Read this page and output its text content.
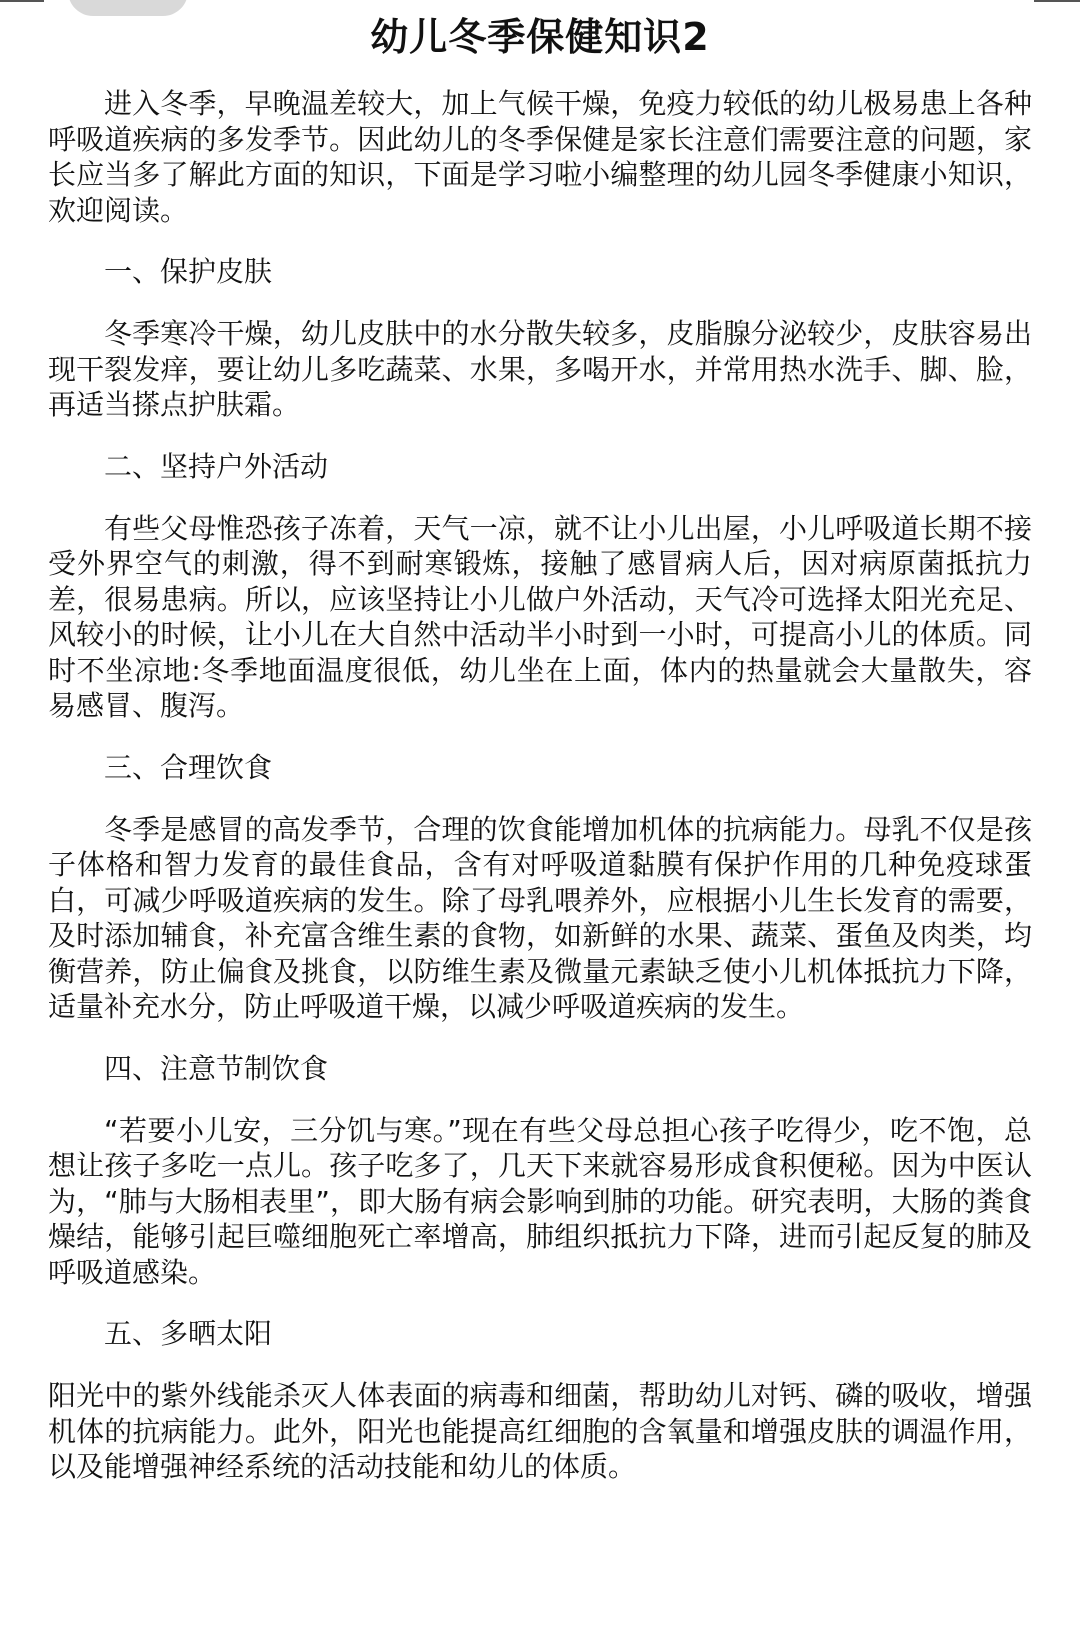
幼儿冬季保健知识2

进入冬季，早晚温差较大，加上气候干燥，免疫力较低的幼儿极易患上各种呼吸道疾病的多发季节。因此幼儿的冬季保健是家长注意们需要注意的问题，家长应当多了解此方面的知识，下面是学习啦小编整理的幼儿园冬季健康小知识，欢迎阅读。

一、保护皮肤

冬季寒冷干燥，幼儿皮肤中的水分散失较多，皮脂腺分泌较少，皮肤容易出现干裂发痒，要让幼儿多吃蔬菜、水果，多喝开水，并常用热水洗手、脚、脸，再适当搽点护肤霜。

二、坚持户外活动

有些父母惟恐孩子冻着，天气一凉，就不让小儿出屋，小儿呼吸道长期不接受外界空气的刺激，得不到耐寒锻炼，接触了感冒病人后，因对病原菌抵抗力差，很易患病。所以，应该坚持让小儿做户外活动，天气冷可选择太阳光充足、风较小的时候，让小儿在大自然中活动半小时到一小时，可提高小儿的体质。同时不坐凉地:冬季地面温度很低，幼儿坐在上面，体内的热量就会大量散失，容易感冒、腹泻。

三、合理饮食

冬季是感冒的高发季节，合理的饮食能增加机体的抗病能力。母乳不仅是孩子体格和智力发育的最佳食品，含有对呼吸道黏膜有保护作用的几种免疫球蛋白，可减少呼吸道疾病的发生。除了母乳喂养外，应根据小儿生长发育的需要，及时添加辅食，补充富含维生素的食物，如新鲜的水果、蔬菜、蛋鱼及肉类，均衡营养，防止偏食及挑食，以防维生素及微量元素缺乏使小儿机体抵抗力下降，适量补充水分，防止呼吸道干燥，以减少呼吸道疾病的发生。

四、注意节制饮食

“若要小儿安，三分饥与寒。”现在有些父母总担心孩子吃得少，吃不饱，总想让孩子多吃一点儿。孩子吃多了，几天下来就容易形成食积便秘。因为中医认为，“肺与大肠相表里”，即大肠有病会影响到肺的功能。研究表明，大肠的粪食燥结，能够引起巨噬细胞死亡率增高，肺组织抵抗力下降，进而引起反复的肺及呼吸道感染。

五、多晒太阳

阳光中的紫外线能杀灭人体表面的病毒和细菌，帮助幼儿对钙、磷的吸收，增强机体的抗病能力。此外，阳光也能提高红细胞的含氧量和增强皮肤的调温作用，以及能增强神经系统的活动技能和幼儿的体质。
